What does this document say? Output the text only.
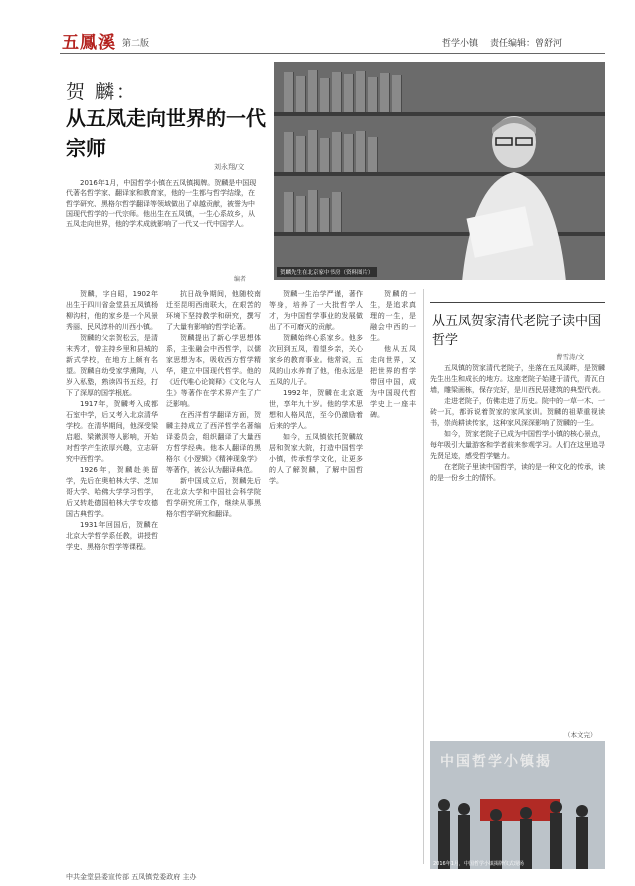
五鳳溪 第二版	哲学小镇 责任编辑：曾舒河
贺 麟：
从五凤走向世界的一代宗师
刘永翔/文
贺麟先生在北京家中书房（资料图片）
2016年1月，中国哲学小镇在五凤镇揭牌。贺麟是中国现代著名哲学家、翻译家和教育家，他的一生都与哲学结缘，在哲学研究、黑格尔哲学翻译等领域做出了卓越贡献，被誉为中国现代哲学的一代宗师。他出生在五凤镇，一生心系故乡，从五凤走向世界，他的学术成就影响了一代又一代中国学人。
编者

贺麟，字自昭，1902年出生于四川省金堂县五凤镇杨柳沟村，他的家乡是一个风景秀丽、民风淳朴的川西小镇。

贺麟的父亲贺松云，是清末秀才，曾主持乡里和县城的新式学校，在地方上颇有名望。贺麟自幼受家学熏陶，八岁入私塾，熟读四书五经，打下了深厚的国学根底。

1917年，贺麟考入成都石室中学，后又考入北京清华学校。在清华期间，他深受梁启超、梁漱溟等人影响，开始对哲学产生浓厚兴趣，立志研究中西哲学。

1926年，贺麟赴美留学，先后在奥柏林大学、芝加哥大学、哈佛大学学习哲学，后又转赴德国柏林大学专攻德国古典哲学。

1931年回国后，贺麟在北京大学哲学系任教，讲授哲学史、黑格尔哲学等课程。

抗日战争期间，他随校南迁至昆明西南联大，在艰苦的环境下坚持教学和研究，撰写了大量有影响的哲学论著。

贺麟提出了新心学思想体系，主张融会中西哲学，以儒家思想为本，吸收西方哲学精华，建立中国现代哲学。他的《近代唯心论简释》《文化与人生》等著作在学术界产生了广泛影响。

在西洋哲学翻译方面，贺麟主持成立了西洋哲学名著编译委员会，组织翻译了大量西方哲学经典。他本人翻译的黑格尔《小逻辑》《精神现象学》等著作，被公认为翻译典范。

新中国成立后，贺麟先后在北京大学和中国社会科学院哲学研究所工作，继续从事黑格尔哲学研究和翻译。

贺麟一生治学严谨，著作等身，培养了一大批哲学人才，为中国哲学事业的发展做出了不可磨灭的贡献。

贺麟始终心系家乡。他多次回到五凤，看望乡亲，关心家乡的教育事业。他常说，五凤的山水养育了他，他永远是五凤的儿子。

1992年，贺麟在北京逝世，享年九十岁。他的学术思想和人格风范，至今仍激励着后来的学人。

如今，五凤镇依托贺麟故居和贺家大院，打造中国哲学小镇，传承哲学文化，让更多的人了解贺麟，了解中国哲学。

贺麟的一生，是追求真理的一生，是融会中西的一生。

他从五凤走向世界，又把世界的哲学带回中国，成为中国现代哲学史上一座丰碑。

从五凤贺家清代老院子读中国哲学
曹雪涛/文

五凤镇的贺家清代老院子，坐落在五凤溪畔，是贺麟先生出生和成长的地方。这座老院子始建于清代，青瓦白墙，雕梁画栋，保存完好，是川西民居建筑的典型代表。

走进老院子，仿佛走进了历史。院中的一草一木、一砖一瓦，都诉说着贺家的家风家训。贺麟的祖辈重视读书，崇尚耕读传家，这种家风深深影响了贺麟的一生。

如今，贺家老院子已成为中国哲学小镇的核心景点，每年吸引大量游客和学者前来参观学习。人们在这里追寻先贤足迹，感受哲学魅力。

在老院子里读中国哲学，读的是一种文化的传承，读的是一份乡土的情怀。

（本文完）
中国哲学小镇揭
2016年1月，中国哲学小镇揭牌仪式现场
中共金堂县委宣传部 五凤镇党委政府 主办
